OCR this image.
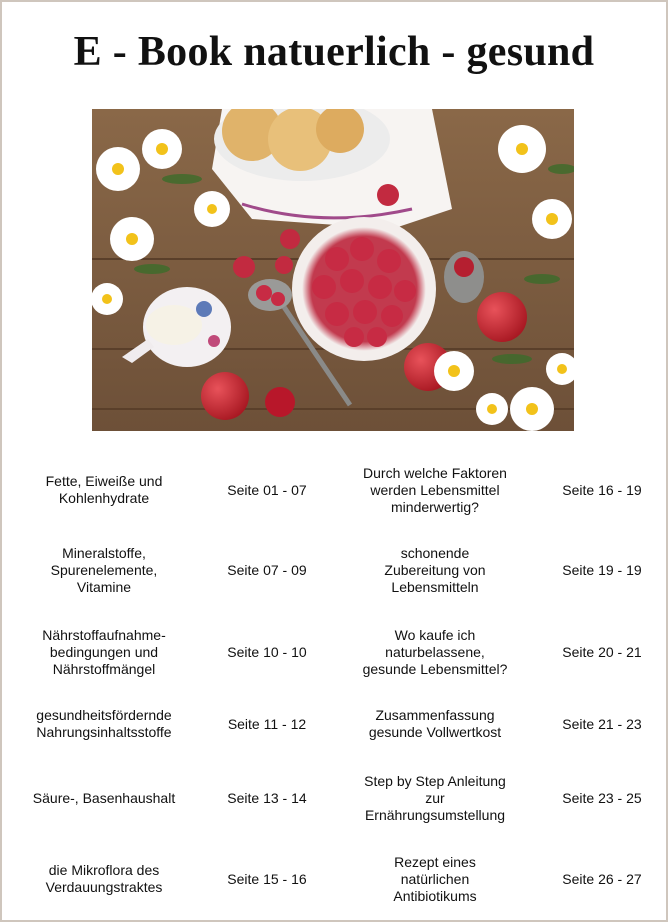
E - Book natuerlich - gesund
Fette, Eiweiße und
Kohlenhydrate
Seite 01 - 07
Durch welche Faktoren
werden Lebensmittel
minderwertig?
Seite 16 - 19
Mineralstoffe,
Spurenelemente,
Vitamine
Seite 07 - 09
schonende
Zubereitung von
Lebensmitteln
Seite 19 - 19
Nährstoffaufnahme-
bedingungen und
Nährstoffmängel
Seite 10 - 10
Wo kaufe ich
naturbelassene,
gesunde Lebensmittel?
Seite 20 - 21
gesundheitsfördernde
Nahrungsinhaltsstoffe
Seite 11 - 12
Zusammenfassung
gesunde Vollwertkost
Seite 21 - 23
Säure-, Basenhaushalt	Seite 13 - 14
Step by Step Anleitung
zur
Ernährungsumstellung
Seite 23 - 25
die Mikroflora des
Verdauungstraktes
Seite 15 - 16
Rezept eines
natürlichen
Antibiotikums
Seite 26 - 27
